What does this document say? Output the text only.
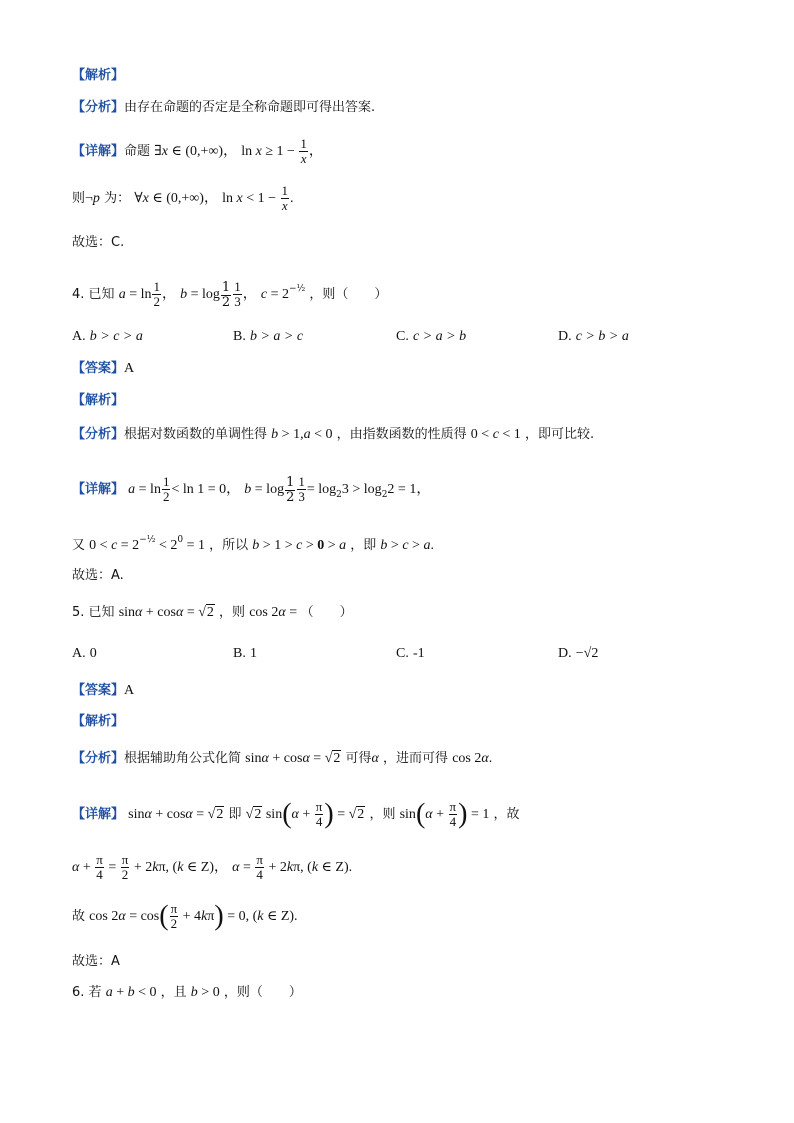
【解析】
【分析】由存在命题的否定是全称命题即可得出答案.
【详解】命题 ∃x ∈ (0,+∞)， $\ln x \ge 1 - \frac{1}{x}$ ，
则¬p 为： ∀x ∈ (0,+∞)， $\ln x < 1 - \frac{1}{x}$ .
故选：C.
4. 已知 $a = \ln \frac{1}{2}$ ， $b = \log \frac{1}{2} \frac{1}{3}$ ， $c = 2^{-\frac{1}{2}}$ ，则（　　）
A. b > c > a	B. b > a > c	C. c > a > b	D. c > b > a
【答案】A
【解析】
【分析】根据对数函数的单调性得 b > 1,a < 0 ，由指数函数的性质得 0 < c < 1 ，即可比较.
【详解】 $a = \ln \frac{1}{2} < \ln 1 = 0$， $b = \log \frac{1}{2} \frac{1}{3} = \log_23 > \log_22 = 1$，
又 $0 < c = 2^{-\frac{1}{2}} < 2^0 = 1$ ，所以 b > 1 > c > 0 > a ，即 b > c > a.
故选：A.
5. 已知 sinα + cosα = √2 ，则 cos 2α = （　　）
A. 0	B. 1	C. -1	D. −√2
【答案】A
【解析】
【分析】根据辅助角公式化简 sinα + cosα = √2 可得α ，进而可得 cos 2α.
【详解】 sinα + cosα = √2 即 √2 $\sin(\alpha + \frac{\pi}{4}$ ) = √2 ，则 $\sin(\alpha + \frac{\pi}{4}$ ) = 1 ，故
$\alpha + \frac{\pi}{4} = \frac{\pi}{2} + 2k\pi$, (k ∈ Z)， $\alpha = \frac{\pi}{4} + 2k\pi$, (k ∈ Z).
故 $\cos 2\alpha = \cos( \frac{\pi}{2} + 4k\pi) = 0$, (k ∈ Z).
故选：A
6. 若 a + b < 0 ，且 b > 0 ，则（　　）
